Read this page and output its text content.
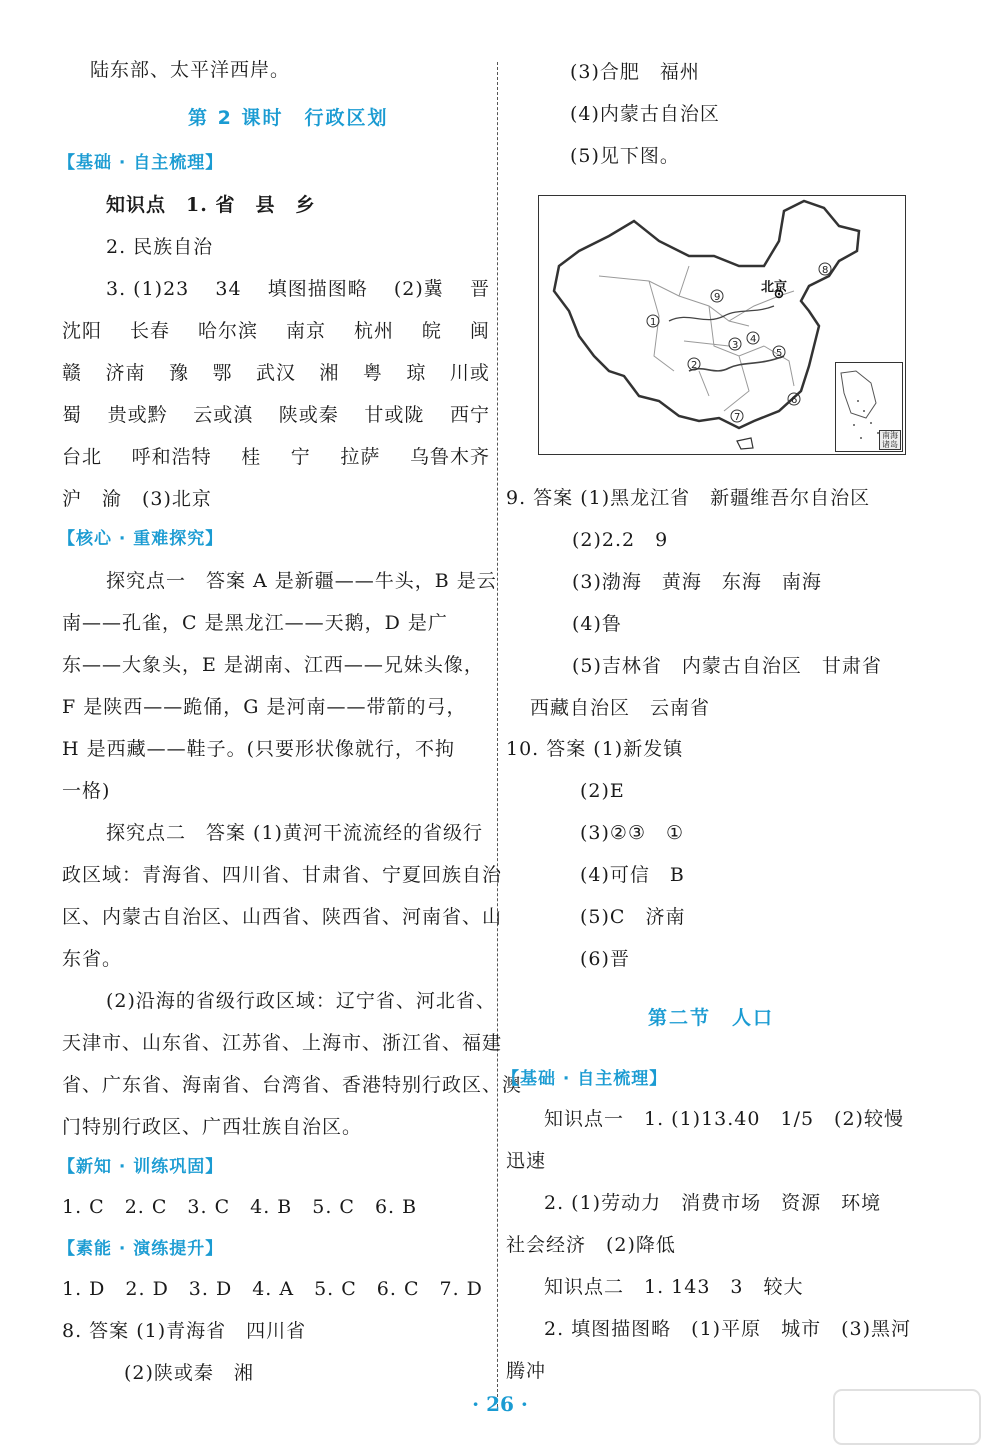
陆东部、太平洋西岸。
第 2 课时　行政区划
【基础 · 自主梳理】
知识点　1. 省　县　乡
2. 民族自治
3. (1)23 34 填图描图略 (2)冀 晋
沈阳 长春 哈尔滨 南京 杭州 皖 闽
赣 济南 豫 鄂 武汉 湘 粤 琼 川或
蜀 贵或黔 云或滇 陕或秦 甘或陇 西宁
台北 呼和浩特 桂 宁 拉萨 乌鲁木齐
沪　渝　(3)北京
【核心 · 重难探究】
探究点一　答案 A 是新疆——牛头，B 是云
南——孔雀，C 是黑龙江——天鹅，D 是广
东——大象头，E 是湖南、江西——兄妹头像，
F 是陕西——跪俑，G 是河南——带箭的弓，
H 是西藏——鞋子。(只要形状像就行，不拘
一格)
探究点二　答案 (1)黄河干流流经的省级行
政区域：青海省、四川省、甘肃省、宁夏回族自治
区、内蒙古自治区、山西省、陕西省、河南省、山
东省。
(2)沿海的省级行政区域：辽宁省、河北省、
天津市、山东省、江苏省、上海市、浙江省、福建
省、广东省、海南省、台湾省、香港特别行政区、澳
门特别行政区、广西壮族自治区。
【新知 · 训练巩固】
1. C　2. C　3. C　4. B　5. C　6. B
【素能 · 演练提升】
1. D　2. D　3. D　4. A　5. C　6. C　7. D
8. 答案 (1)青海省　四川省
(2)陕或秦　湘
(3)合肥　福州
(4)内蒙古自治区
(5)见下图。
1
2
3
4
5
6
7
8
9
北京
南海诸岛
9. 答案 (1)黑龙江省　新疆维吾尔自治区
(2)2.2　9
(3)渤海　黄海　东海　南海
(4)鲁
(5)吉林省　内蒙古自治区　甘肃省
西藏自治区　云南省
10. 答案 (1)新发镇
(2)E
(3)②③　①
(4)可信　B
(5)C　济南
(6)晋
第二节　人口
【基础 · 自主梳理】
知识点一　1. (1)13.40　1/5　(2)较慢
迅速
2. (1)劳动力　消费市场　资源　环境
社会经济　(2)降低
知识点二　1. 143　3　较大
2. 填图描图略　(1)平原　城市　(3)黑河
腾冲
· 26 ·
